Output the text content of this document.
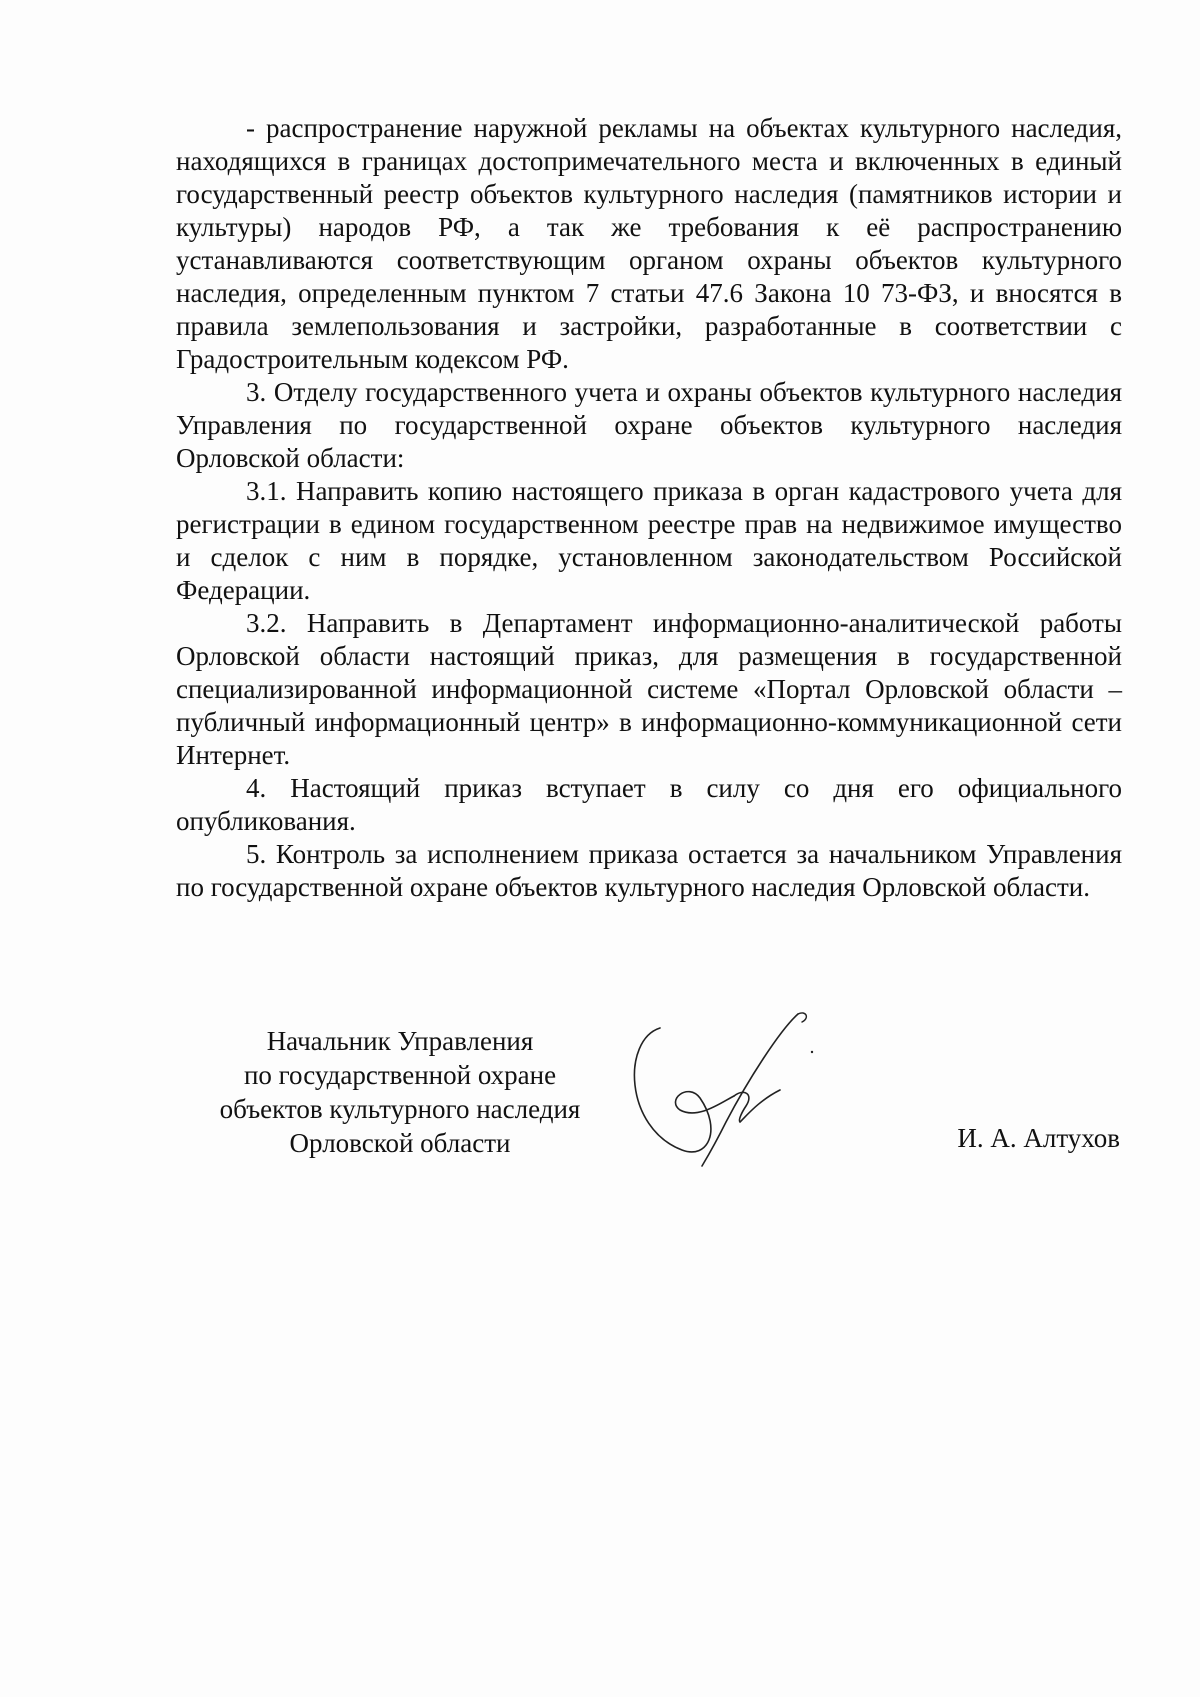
- распространение наружной рекламы на объектах культурного наследия, находящихся в границах достопримечательного места и включенных в единый государственный реестр объектов культурного наследия (памятников истории и культуры) народов РФ, а так же требования к её распространению устанавливаются соответствующим органом охраны объектов культурного наследия, определенным пунктом 7 статьи 47.6 Закона 10 73-ФЗ, и вносятся в правила землепользования и застройки, разработанные в соответствии с Градостроительным кодексом РФ.

3. Отделу государственного учета и охраны объектов культурного наследия Управления по государственной охране объектов культурного наследия Орловской области:

3.1. Направить копию настоящего приказа в орган кадастрового учета для регистрации в едином государственном реестре прав на недвижимое имущество и сделок с ним в порядке, установленном законодательством Российской Федерации.

3.2. Направить в Департамент информационно-аналитической работы Орловской области настоящий приказ, для размещения в государственной специализированной информационной системе «Портал Орловской области – публичный информационный центр» в информационно-коммуникационной сети Интернет.

4. Настоящий приказ вступает в силу со дня его официального опубликования.

5. Контроль за исполнением приказа остается за начальником Управления по государственной охране объектов культурного наследия Орловской области.

Начальник Управления
по государственной охране
объектов культурного наследия
Орловской области	И. А. Алтухов
